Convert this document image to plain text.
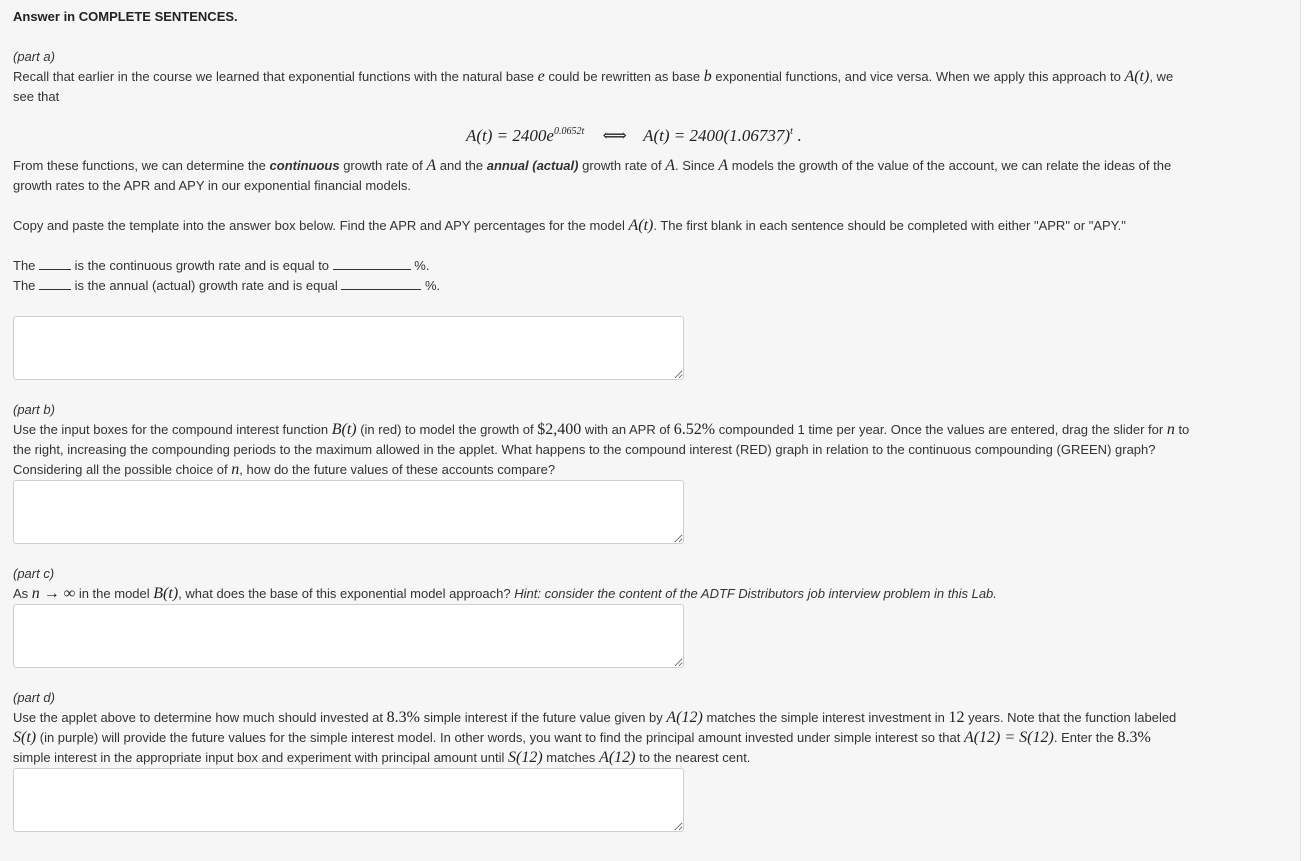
Answer in COMPLETE SENTENCES.
(part a)
Recall that earlier in the course we learned that exponential functions with the natural base e could be rewritten as base b exponential functions, and vice versa. When we apply this approach to A(t), we
see that
$A(t) = 2400e^{0.0652t}$ ⟺ $A(t) = 2400(1.06737)^t$ .
From these functions, we can determine the continuous growth rate of A and the annual (actual) growth rate of A. Since A models the growth of the value of the account, we can relate the ideas of the
growth rates to the APR and APY in our exponential financial models.
Copy and paste the template into the answer box below. Find the APR and APY percentages for the model A(t). The first blank in each sentence should be completed with either "APR" or "APY."
The	is the continuous growth rate and is equal to	%.
The	is the annual (actual) growth rate and is equal	%.
(part b)
Use the input boxes for the compound interest function B(t) (in red) to model the growth of $2,400 with an APR of 6.52% compounded 1 time per year. Once the values are entered, drag the slider for n to
the right, increasing the compounding periods to the maximum allowed in the applet. What happens to the compound interest (RED) graph in relation to the continuous compounding (GREEN) graph?
Considering all the possible choice of n, how do the future values of these accounts compare?
(part c)
As n → ∞ in the model B(t), what does the base of this exponential model approach? Hint: consider the content of the ADTF Distributors job interview problem in this Lab.
(part d)
Use the applet above to determine how much should invested at 8.3% simple interest if the future value given by A(12) matches the simple interest investment in 12 years. Note that the function labeled
S(t) (in purple) will provide the future values for the simple interest model. In other words, you want to find the principal amount invested under simple interest so that A(12) = S(12). Enter the 8.3%
simple interest in the appropriate input box and experiment with principal amount until S(12) matches A(12) to the nearest cent.
